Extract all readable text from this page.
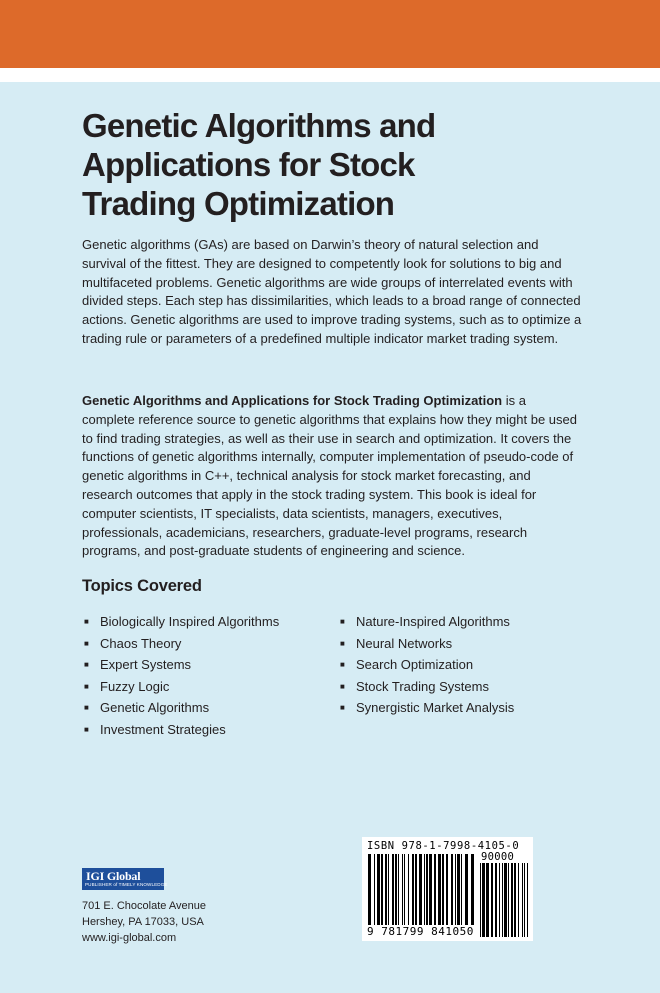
Genetic Algorithms and
Applications for Stock
Trading Optimization

Genetic algorithms (GAs) are based on Darwin’s theory of natural selection and survival of the fittest. They are designed to competently look for solutions to big and multifaceted problems. Genetic algorithms are wide groups of interrelated events with divided steps. Each step has dissimilarities, which leads to a broad range of connected actions. Genetic algorithms are used to improve trading systems, such as to optimize a trading rule or parameters of a predefined multiple indicator market trading system.

Genetic Algorithms and Applications for Stock Trading Optimization is a complete reference source to genetic algorithms that explains how they might be used to find trading strategies, as well as their use in search and optimization. It covers the functions of genetic algorithms internally, computer implementation of pseudo-code of genetic algorithms in C++, technical analysis for stock market forecasting, and research outcomes that apply in the stock trading system. This book is ideal for computer scientists, IT specialists, data scientists, managers, executives, professionals, academicians, researchers, graduate-level programs, research programs, and post-graduate students of engineering and science.

Topics Covered
■ Biologically Inspired Algorithms
■ Chaos Theory
■ Expert Systems
■ Fuzzy Logic
■ Genetic Algorithms
■ Investment Strategies
■ Nature-Inspired Algorithms
■ Neural Networks
■ Search Optimization
■ Stock Trading Systems
■ Synergistic Market Analysis
ISBN 978-1-7998-4105-0
90000
9 781799 841050
IGI Global
PUBLISHER of TIMELY KNOWLEDGE
701 E. Chocolate Avenue
Hershey, PA 17033, USA
www.igi-global.com
